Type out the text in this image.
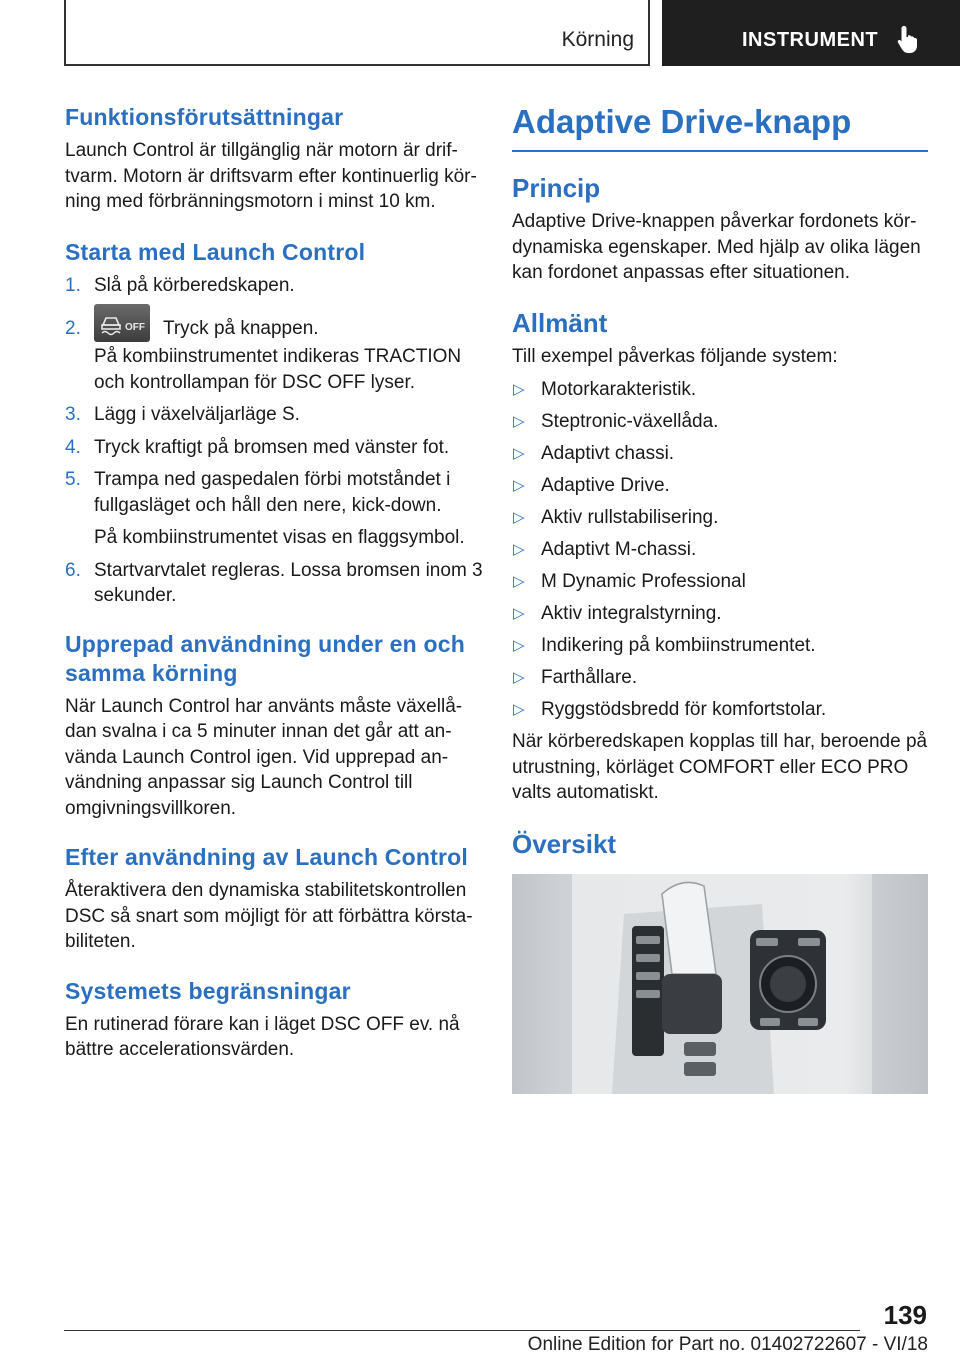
Körning	INSTRUMENT
Funktionsförutsättningar

Launch Control är tillgänglig när motorn är driftvarm. Motorn är driftsvarm efter kontinuerlig körning med förbränningsmotorn i minst 10 km.

Starta med Launch Control
1. Slå på körberedskapen.
2.	OFF Tryck på knappen.
På kombiinstrumentet indikeras TRACTION och kontrollampan för DSC OFF lyser.
3. Lägg i växelväljarläge S.
4. Tryck kraftigt på bromsen med vänster fot.
5. Trampa ned gaspedalen förbi motståndet i fullgasläget och håll den nere, kick-down.
På kombiinstrumentet visas en flaggsymbol.
6. Startvarvtalet regleras. Lossa bromsen inom 3 sekunder.
Upprepad användning under en och samma körning

När Launch Control har använts måste växellådan svalna i ca 5 minuter innan det går att använda Launch Control igen. Vid upprepad användning anpassar sig Launch Control till omgivningsvillkoren.

Efter användning av Launch Control

Återaktivera den dynamiska stabilitetskontrollen DSC så snart som möjligt för att förbättra körstabiliteten.

Systemets begränsningar

En rutinerad förare kan i läget DSC OFF ev. nå bättre accelerationsvärden.

Adaptive Drive-knapp
Princip

Adaptive Drive-knappen påverkar fordonets kördynamiska egenskaper. Med hjälp av olika lägen kan fordonet anpassas efter situationen.

Allmänt

Till exempel påverkas följande system:

▷ Motorkarakteristik.
▷ Steptronic-växellåda.
▷ Adaptivt chassi.
▷ Adaptive Drive.
▷ Aktiv rullstabilisering.
▷ Adaptivt M-chassi.
▷ M Dynamic Professional
▷ Aktiv integralstyrning.
▷ Indikering på kombiinstrumentet.
▷ Farthållare.
▷ Ryggstödsbredd för komfortstolar.

När körberedskapen kopplas till har, beroende på utrustning, körläget COMFORT eller ECO PRO valts automatiskt.

Översikt
139
Online Edition for Part no. 01402722607 - VI/18
